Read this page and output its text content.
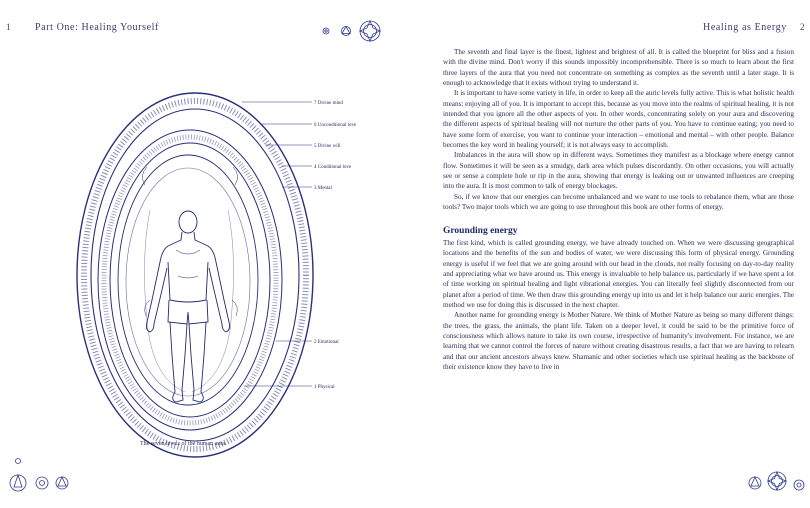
1 Part One: Healing Yourself
7 Divine mind
6 Unconditional love
5 Divine will
4 Conditional love
3 Mental
2 Emotional
1 Physical
The seven levels of the human aura.
Healing as Energy 2

The seventh and final layer is the finest, lightest and brightest of all. It is called the blueprint for bliss and a fusion with the divine mind. Don't worry if this sounds impossibly incomprehensible. There is so much to learn about the first three layers of the aura that you need not concentrate on something as complex as the seventh until a later stage. It is enough to acknowledge that it exists without trying to understand it.

It is important to have some variety in life, in order to keep all the auric levels fully active. This is what holistic health means: enjoying all of you. It is important to accept this, because as you move into the realms of spiritual healing, it is not intended that you ignore all the other aspects of you. In other words, concentrating solely on your aura and discovering the different aspects of spiritual healing will not nurture the other parts of you. You have to continue eating; you need to have some form of exercise, you want to continue your interaction – emotional and mental – with other people. Balance becomes the key word in healing yourself; it is not always easy to accomplish.

Imbalances in the aura will show up in different ways. Sometimes they manifest as a blockage where energy cannot flow. Sometimes it will be seen as a smudgy, dark area which pulses discordantly. On other occasions, you will actually see or sense a complete hole or rip in the aura, showing that energy is leaking out or unwanted influences are creeping into the aura. It is most common to talk of energy blockages.

So, if we know that our energies can become unbalanced and we want to use tools to rebalance them, what are those tools? Two major tools which we are going to use throughout this book are other forms of energy.

Grounding energy

The first kind, which is called grounding energy, we have already touched on. When we were discussing geographical locations and the benefits of the sun and bodies of water, we were discussing this form of physical energy. Grounding energy is useful if we feel that we are going around with our head in the clouds, not really focusing on day-to-day reality and appreciating what we have around us. This energy is invaluable to help balance us, particularly if we have spent a lot of time working on spiritual healing and light vibrational energies. You can literally feel slightly disconnected from our planet after a period of time. We then draw this grounding energy up into us and let it help balance our auric energies. The method we use for doing this is discussed in the next chapter.

Another name for grounding energy is Mother Nature. We think of Mother Nature as being so many different things: the trees, the grass, the animals, the plant life. Taken on a deeper level, it could be said to be the primitive force of consciousness which allows nature to take its own course, irrespective of humanity's involvement. For instance, we are learning that we cannot control the forces of nature without creating disastrous results, a fact that we are having to relearn and that our ancient ancestors always knew. Shamanic and other societies which use spiritual healing as the backbone of their existence know they have to live in
